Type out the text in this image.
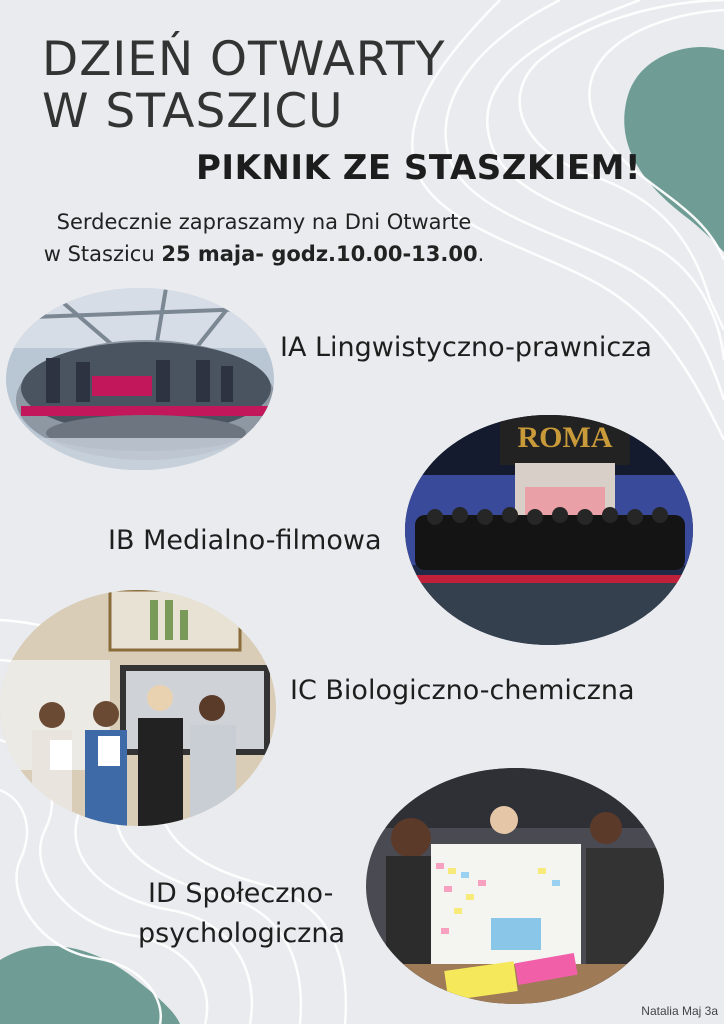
DZIEŃ OTWARTY
W STASZICU
PIKNIK ZE STASZKIEM!
Serdecznie zapraszamy na Dni Otwarte
w Staszicu 25 maja- godz.10.00-13.00.
IA Lingwistyczno-prawnicza
ROMA
IB Medialno-filmowa
IC Biologiczno-chemiczna
ID Społeczno-
psychologiczna
Natalia Maj 3a
